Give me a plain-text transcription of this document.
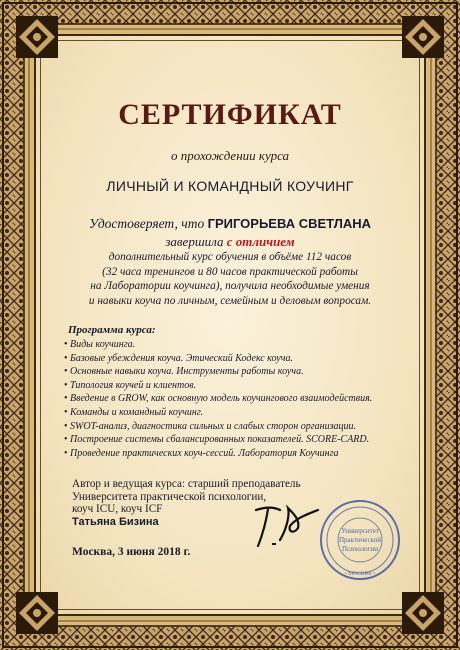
СЕРТИФИКАТ
о прохождении курса
ЛИЧНЫЙ И КОМАНДНЫЙ КОУЧИНГ
Удостоверяет, что ГРИГОРЬЕВА СВЕТЛАНА
завершила с отличием
дополнительный курс обучения в объёме 112 часов
(32 часа тренингов и 80 часов практической работы
на Лаборатории коучинга), получила необходимые умения
и навыки коуча по личным, семейным и деловым вопросам.
Программа курса:
• Виды коучинга.
• Базовые убеждения коуча. Этический Кодекс коуча.
• Основные навыки коуча. Инструменты работы коуча.
• Типология коучей и клиентов.
• Введение в GROW, как основную модель коучингового взаимодействия.
• Команды и командный коучинг.
• SWOT-анализ, диагностика сильных и слабых сторон организации.
• Построение системы сбалансированных показателей. SCORE-CARD.
• Проведение практических коуч-сессий. Лаборатория Коучинга
Автор и ведущая курса: старший преподаватель
Университета практической психологии,
коуч ICU, коуч ICF
Татьяна Бизина
Москва, 3 июня 2018 г.
Университет
Практической
Психологии
• МОСКВА •
